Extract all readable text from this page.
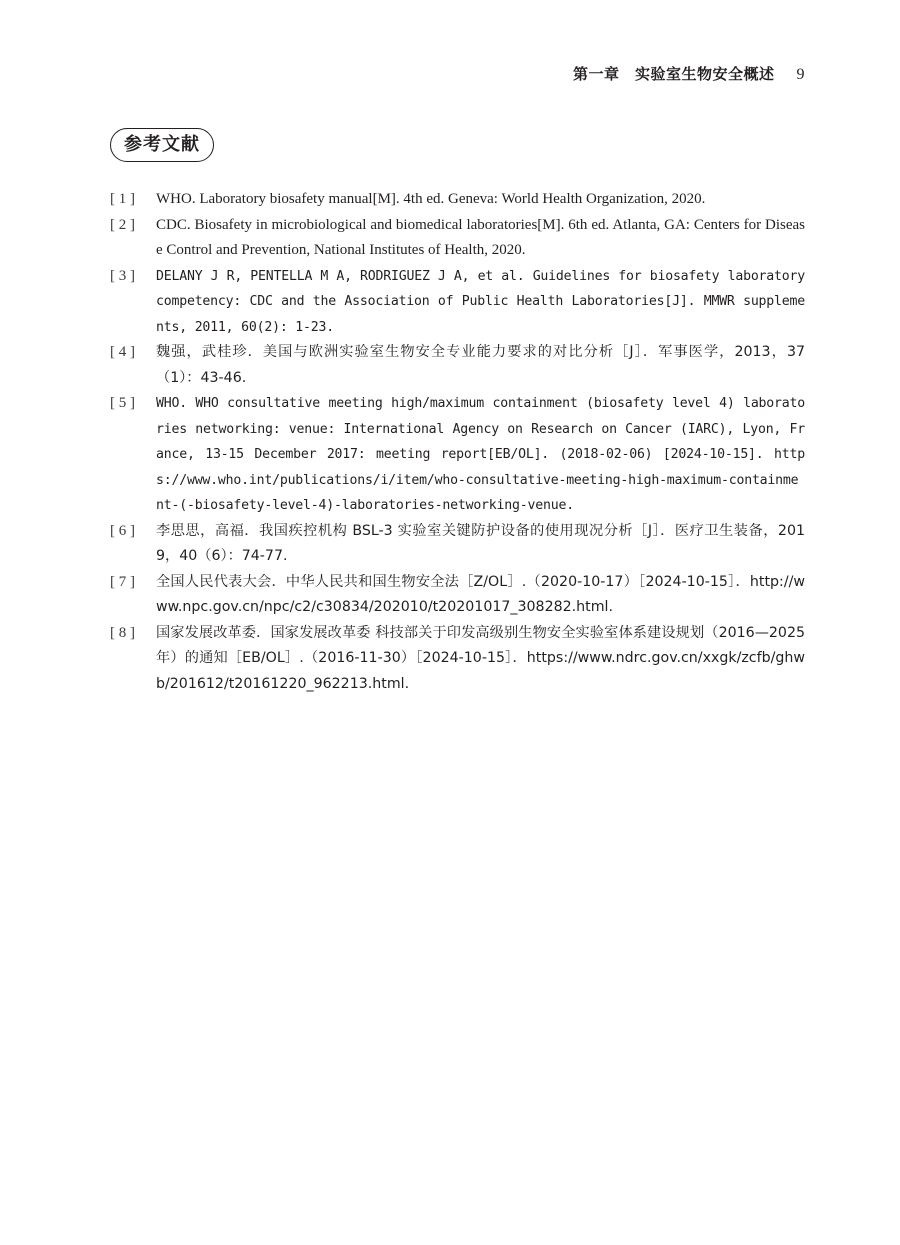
第一章　实验室生物安全概述 9
参考文献
[ 1 ]	WHO. Laboratory biosafety manual[M]. 4th ed. Geneva: World Health Organization, 2020.
[ 2 ]	CDC. Biosafety in microbiological and biomedical laboratories[M]. 6th ed. Atlanta, GA: Centers for Disease Control and Prevention, National Institutes of Health, 2020.
[ 3 ]	DELANY J R, PENTELLA M A, RODRIGUEZ J A, et al. Guidelines for biosafety laboratory competency: CDC and the Association of Public Health Laboratories[J]. MMWR supplements, 2011, 60(2): 1-23.
[ 4 ]	魏强，武桂珍．美国与欧洲实验室生物安全专业能力要求的对比分析［J］．军事医学，2013，37（1）：43-46.
[ 5 ]	WHO. WHO consultative meeting high/maximum containment (biosafety level 4) laboratories networking: venue: International Agency on Research on Cancer (IARC), Lyon, France, 13-15 December 2017: meeting report[EB/OL]. (2018-02-06) [2024-10-15]. https://www.who.int/publications/i/item/who-consultative-meeting-high-maximum-containment-(-biosafety-level-4)-laboratories-networking-venue.
[ 6 ]	李思思，高福．我国疾控机构 BSL-3 实验室关键防护设备的使用现况分析［J］．医疗卫生装备，2019，40（6）：74-77.
[ 7 ]	全国人民代表大会．中华人民共和国生物安全法［Z/OL］.（2020-10-17）［2024-10-15］．http://www.npc.gov.cn/npc/c2/c30834/202010/t20201017_308282.html.
[ 8 ]	国家发展改革委．国家发展改革委 科技部关于印发高级别生物安全实验室体系建设规划（2016—2025 年）的通知［EB/OL］.（2016-11-30）［2024-10-15］．https://www.ndrc.gov.cn/xxgk/zcfb/ghwb/201612/t20161220_962213.html.
